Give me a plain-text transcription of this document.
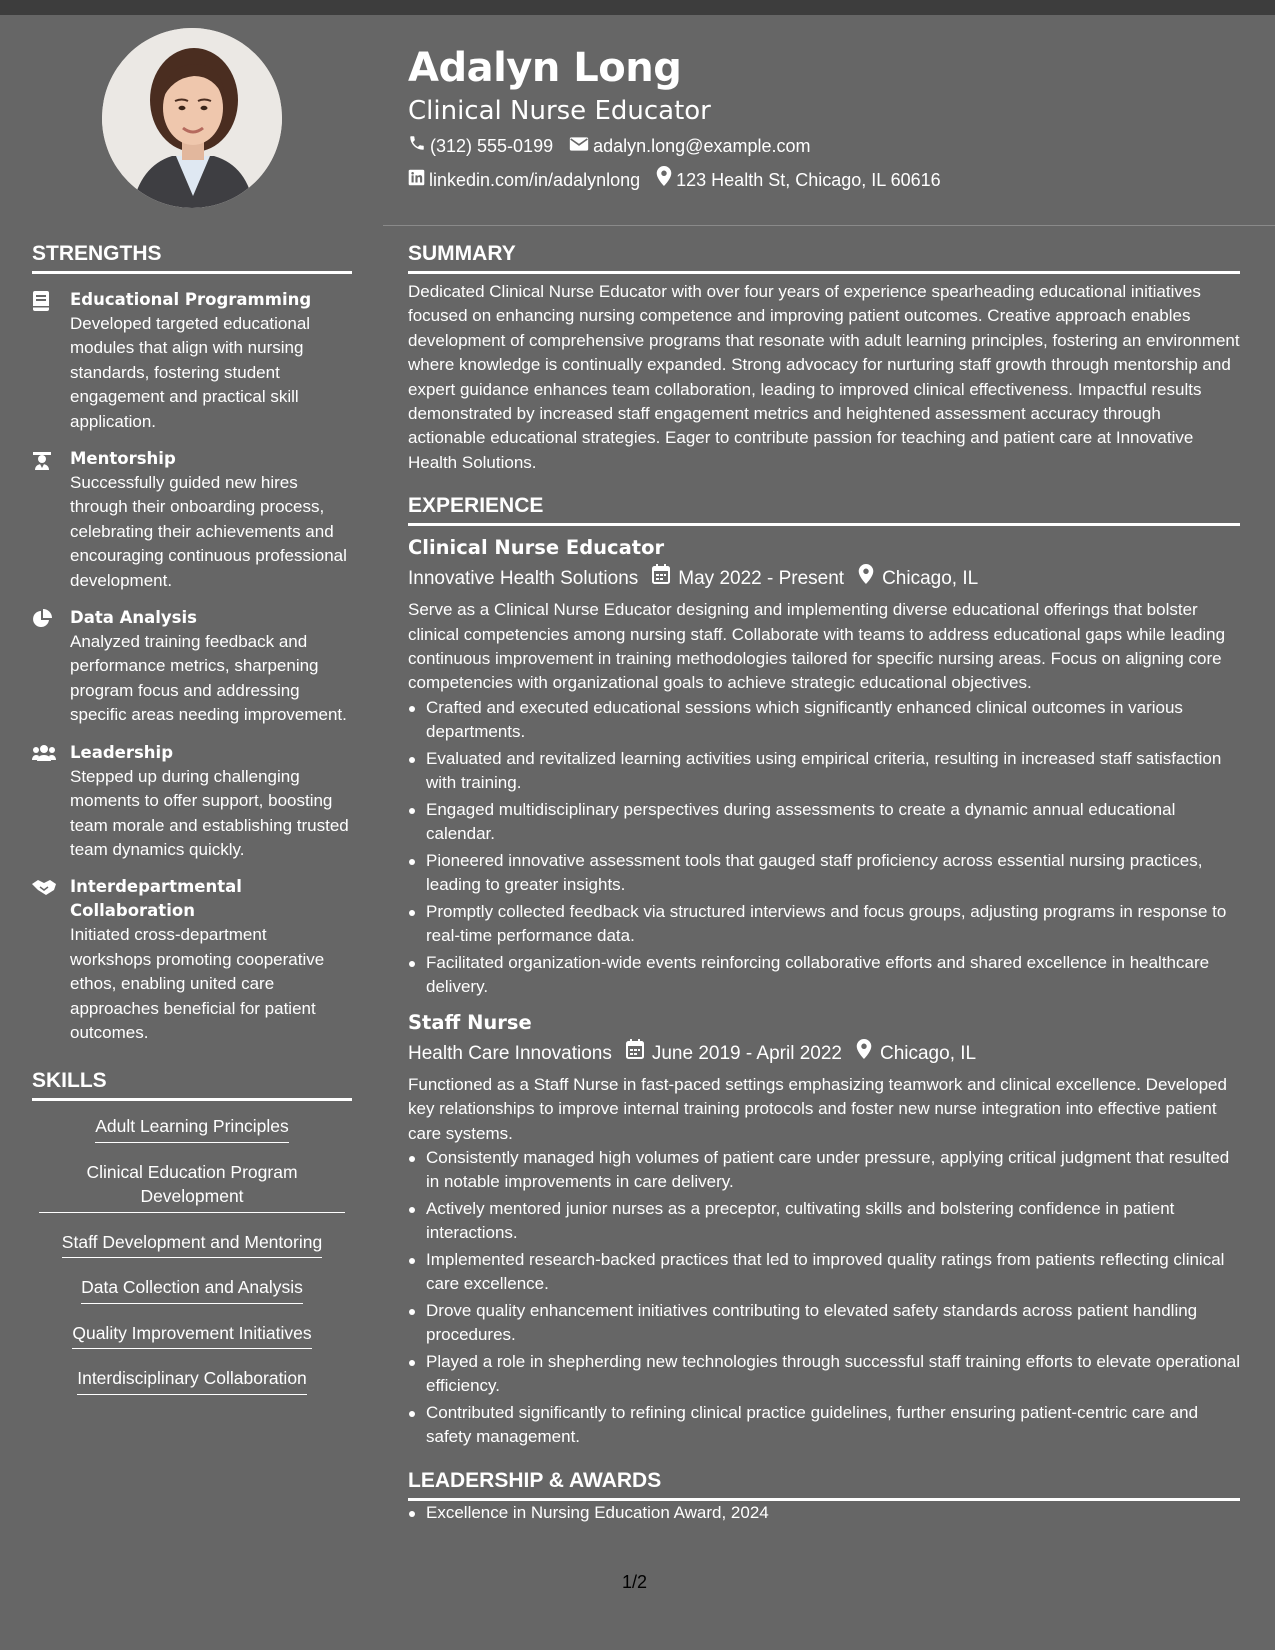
Adalyn Long
Clinical Nurse Educator
(312) 555-0199 adalyn.long@example.com
linkedin.com/in/adalynlong 123 Health St, Chicago, IL 60616
STRENGTHS
Educational Programming
Developed targeted educational modules that align with nursing standards, fostering student engagement and practical skill application.
Mentorship
Successfully guided new hires through their onboarding process, celebrating their achievements and encouraging continuous professional development.
Data Analysis
Analyzed training feedback and performance metrics, sharpening program focus and addressing specific areas needing improvement.
Leadership
Stepped up during challenging moments to offer support, boosting team morale and establishing trusted team dynamics quickly.
Interdepartmental Collaboration
Initiated cross-department workshops promoting cooperative ethos, enabling united care approaches beneficial for patient outcomes.
SKILLS
Adult Learning Principles
Clinical Education Program Development
Staff Development and Mentoring
Data Collection and Analysis
Quality Improvement Initiatives
Interdisciplinary Collaboration
SUMMARY
Dedicated Clinical Nurse Educator with over four years of experience spearheading educational initiatives focused on enhancing nursing competence and improving patient outcomes. Creative approach enables development of comprehensive programs that resonate with adult learning principles, fostering an environment where knowledge is continually expanded. Strong advocacy for nurturing staff growth through mentorship and expert guidance enhances team collaboration, leading to improved clinical effectiveness. Impactful results demonstrated by increased staff engagement metrics and heightened assessment accuracy through actionable educational strategies. Eager to contribute passion for teaching and patient care at Innovative Health Solutions.
EXPERIENCE
Clinical Nurse Educator
Innovative Health Solutions May 2022 - Present Chicago, IL
Serve as a Clinical Nurse Educator designing and implementing diverse educational offerings that bolster clinical competencies among nursing staff. Collaborate with teams to address educational gaps while leading continuous improvement in training methodologies tailored for specific nursing areas. Focus on aligning core competencies with organizational goals to achieve strategic educational objectives.
Crafted and executed educational sessions which significantly enhanced clinical outcomes in various departments.
Evaluated and revitalized learning activities using empirical criteria, resulting in increased staff satisfaction with training.
Engaged multidisciplinary perspectives during assessments to create a dynamic annual educational calendar.
Pioneered innovative assessment tools that gauged staff proficiency across essential nursing practices, leading to greater insights.
Promptly collected feedback via structured interviews and focus groups, adjusting programs in response to real-time performance data.
Facilitated organization-wide events reinforcing collaborative efforts and shared excellence in healthcare delivery.
Staff Nurse
Health Care Innovations June 2019 - April 2022 Chicago, IL
Functioned as a Staff Nurse in fast-paced settings emphasizing teamwork and clinical excellence. Developed key relationships to improve internal training protocols and foster new nurse integration into effective patient care systems.
Consistently managed high volumes of patient care under pressure, applying critical judgment that resulted in notable improvements in care delivery.
Actively mentored junior nurses as a preceptor, cultivating skills and bolstering confidence in patient interactions.
Implemented research-backed practices that led to improved quality ratings from patients reflecting clinical care excellence.
Drove quality enhancement initiatives contributing to elevated safety standards across patient handling procedures.
Played a role in shepherding new technologies through successful staff training efforts to elevate operational efficiency.
Contributed significantly to refining clinical practice guidelines, further ensuring patient-centric care and safety management.
LEADERSHIP & AWARDS
Excellence in Nursing Education Award, 2024
1/2
